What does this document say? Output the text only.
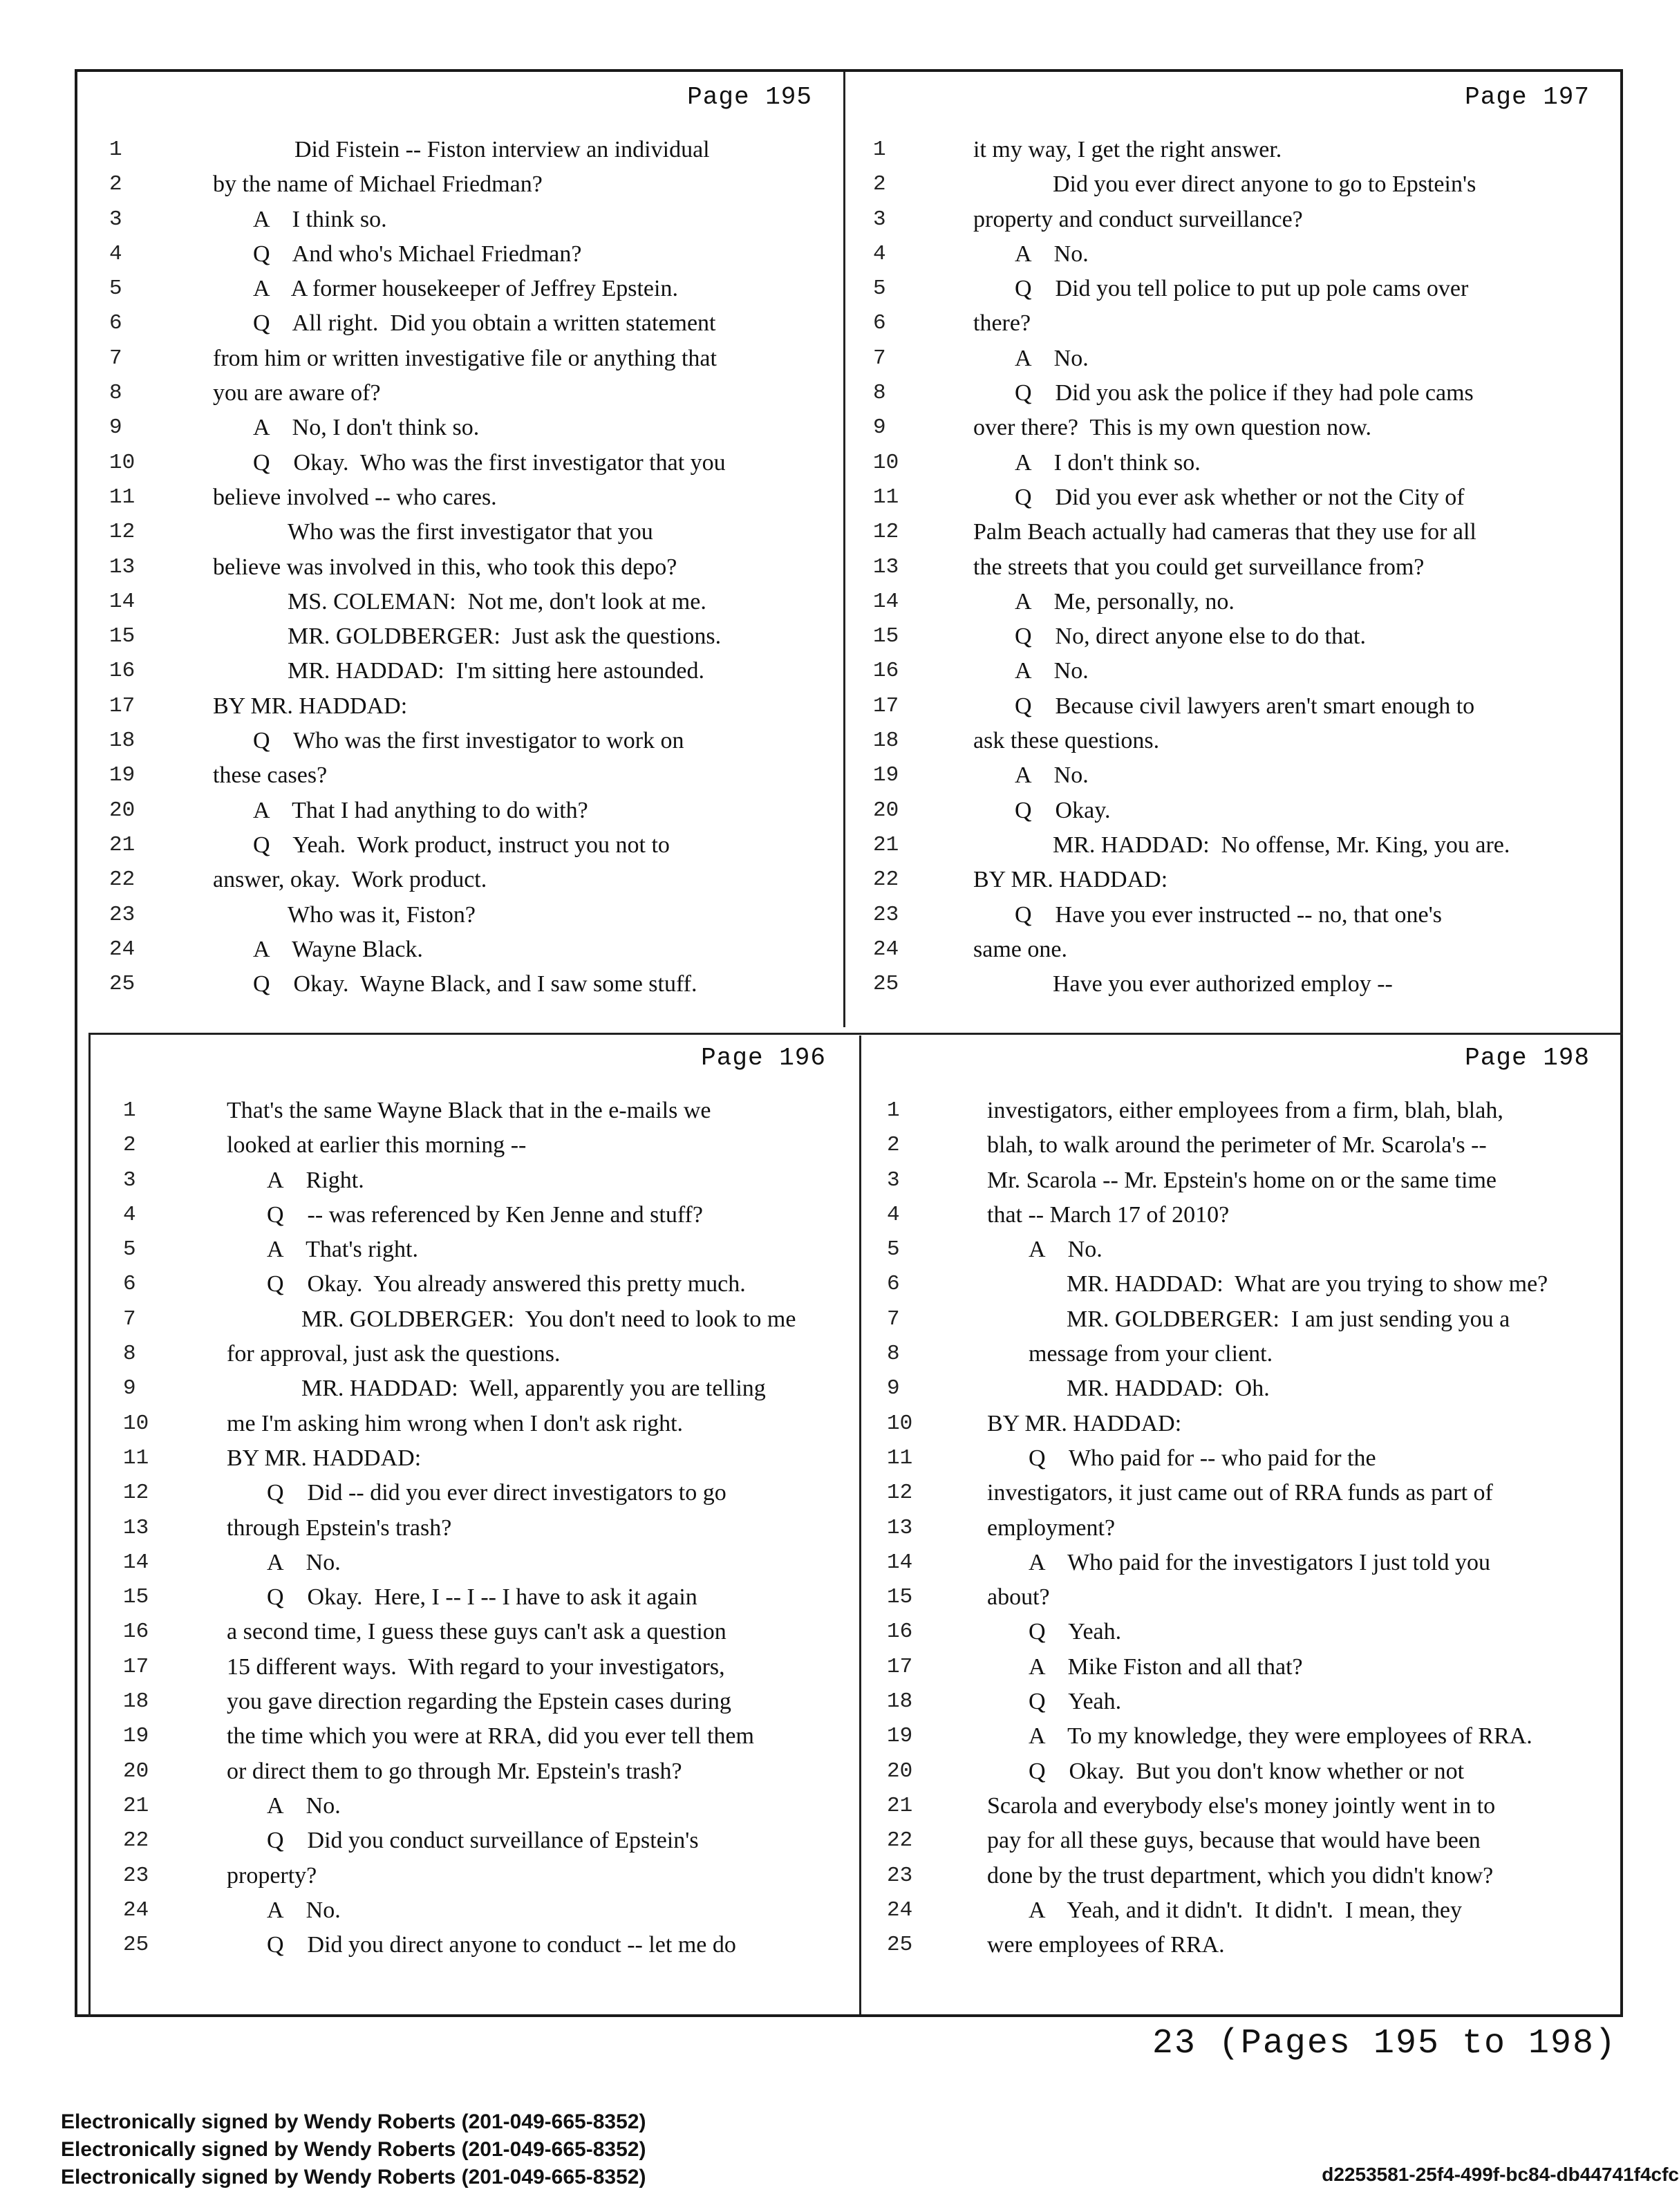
Page 195
1	Did Fistein -- Fiston interview an individual
2	by the name of Michael Friedman?
3	A    I think so.
4	Q    And who's Michael Friedman?
5	A    A former housekeeper of Jeffrey Epstein.
6	Q    All right.  Did you obtain a written statement
7	from him or written investigative file or anything that
8	you are aware of?
9	A    No, I don't think so.
10	Q    Okay.  Who was the first investigator that you
11	believe involved -- who cares.
12	Who was the first investigator that you
13	believe was involved in this, who took this depo?
14	MS. COLEMAN:  Not me, don't look at me.
15	MR. GOLDBERGER:  Just ask the questions.
16	MR. HADDAD:  I'm sitting here astounded.
17	BY MR. HADDAD:
18	Q    Who was the first investigator to work on
19	these cases?
20	A    That I had anything to do with?
21	Q    Yeah.  Work product, instruct you not to
22	answer, okay.  Work product.
23	Who was it, Fiston?
24	A    Wayne Black.
25	Q    Okay.  Wayne Black, and I saw some stuff.
Page 197
1	it my way, I get the right answer.
2	Did you ever direct anyone to go to Epstein's
3	property and conduct surveillance?
4	A    No.
5	Q    Did you tell police to put up pole cams over
6	there?
7	A    No.
8	Q    Did you ask the police if they had pole cams
9	over there?  This is my own question now.
10	A    I don't think so.
11	Q    Did you ever ask whether or not the City of
12	Palm Beach actually had cameras that they use for all
13	the streets that you could get surveillance from?
14	A    Me, personally, no.
15	Q    No, direct anyone else to do that.
16	A    No.
17	Q    Because civil lawyers aren't smart enough to
18	ask these questions.
19	A    No.
20	Q    Okay.
21	MR. HADDAD:  No offense, Mr. King, you are.
22	BY MR. HADDAD:
23	Q    Have you ever instructed -- no, that one's
24	same one.
25	Have you ever authorized employ --
Page 196
1	That's the same Wayne Black that in the e-mails we
2	looked at earlier this morning --
3	A    Right.
4	Q    -- was referenced by Ken Jenne and stuff?
5	A    That's right.
6	Q    Okay.  You already answered this pretty much.
7	MR. GOLDBERGER:  You don't need to look to me
8	for approval, just ask the questions.
9	MR. HADDAD:  Well, apparently you are telling
10	me I'm asking him wrong when I don't ask right.
11	BY MR. HADDAD:
12	Q    Did -- did you ever direct investigators to go
13	through Epstein's trash?
14	A    No.
15	Q    Okay.  Here, I -- I -- I have to ask it again
16	a second time, I guess these guys can't ask a question
17	15 different ways.  With regard to your investigators,
18	you gave direction regarding the Epstein cases during
19	the time which you were at RRA, did you ever tell them
20	or direct them to go through Mr. Epstein's trash?
21	A    No.
22	Q    Did you conduct surveillance of Epstein's
23	property?
24	A    No.
25	Q    Did you direct anyone to conduct -- let me do
Page 198
1	investigators, either employees from a firm, blah, blah,
2	blah, to walk around the perimeter of Mr. Scarola's --
3	Mr. Scarola -- Mr. Epstein's home on or the same time
4	that -- March 17 of 2010?
5	A    No.
6	MR. HADDAD:  What are you trying to show me?
7	MR. GOLDBERGER:  I am just sending you a
8	message from your client.
9	MR. HADDAD:  Oh.
10	BY MR. HADDAD:
11	Q    Who paid for -- who paid for the
12	investigators, it just came out of RRA funds as part of
13	employment?
14	A    Who paid for the investigators I just told you
15	about?
16	Q    Yeah.
17	A    Mike Fiston and all that?
18	Q    Yeah.
19	A    To my knowledge, they were employees of RRA.
20	Q    Okay.  But you don't know whether or not
21	Scarola and everybody else's money jointly went in to
22	pay for all these guys, because that would have been
23	done by the trust department, which you didn't know?
24	A    Yeah, and it didn't.  It didn't.  I mean, they
25	were employees of RRA.
23 (Pages 195 to 198)
Electronically signed by Wendy Roberts (201-049-665-8352)
Electronically signed by Wendy Roberts (201-049-665-8352)
Electronically signed by Wendy Roberts (201-049-665-8352)	d2253581-25f4-499f-bc84-db44741f4cfc
